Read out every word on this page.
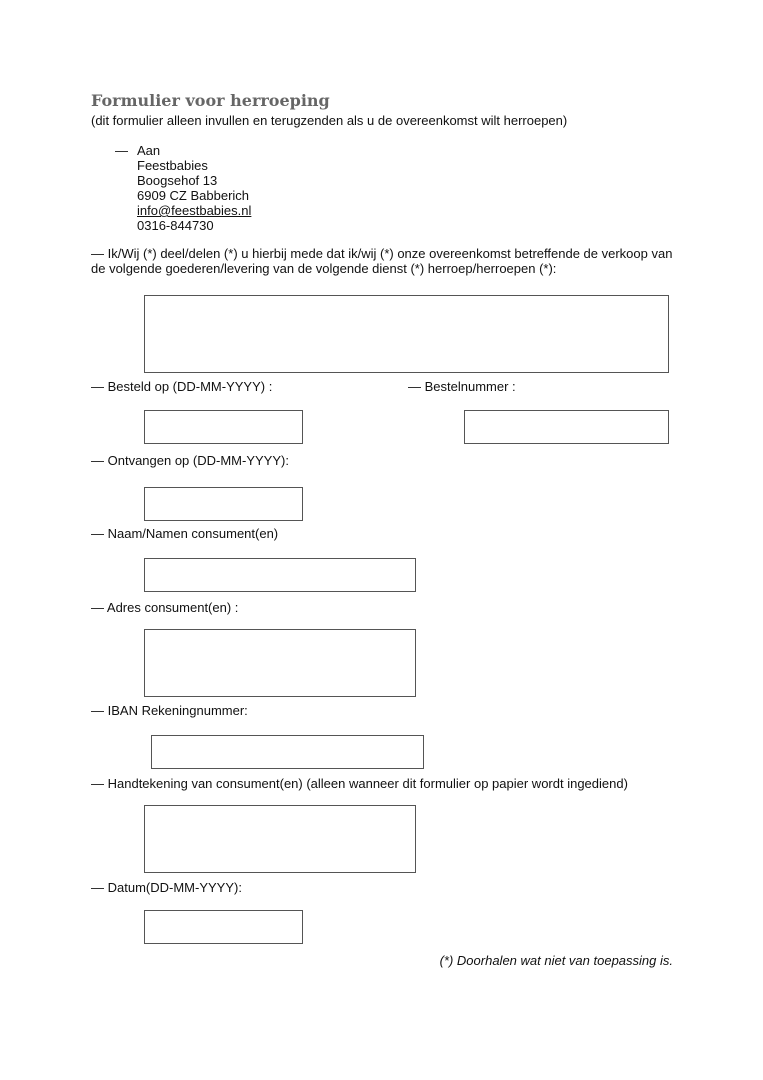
Formulier voor herroeping
(dit formulier alleen invullen en terugzenden als u de overeenkomst wilt herroepen)
— Aan
Feestbabies
Boogsehof 13
6909 CZ Babberich
info@feestbabies.nl
0316-844730
— Ik/Wij (*) deel/delen (*) u hierbij mede dat ik/wij (*) onze overeenkomst betreffende de verkoop van de volgende goederen/levering van de volgende dienst (*) herroep/herroepen (*):
— Besteld op (DD-MM-YYYY) :	— Bestelnummer :
— Ontvangen op (DD-MM-YYYY):
— Naam/Namen consument(en)
— Adres consument(en) :
— IBAN Rekeningnummer:
— Handtekening van consument(en) (alleen wanneer dit formulier op papier wordt ingediend)
— Datum(DD-MM-YYYY):
(*) Doorhalen wat niet van toepassing is.
